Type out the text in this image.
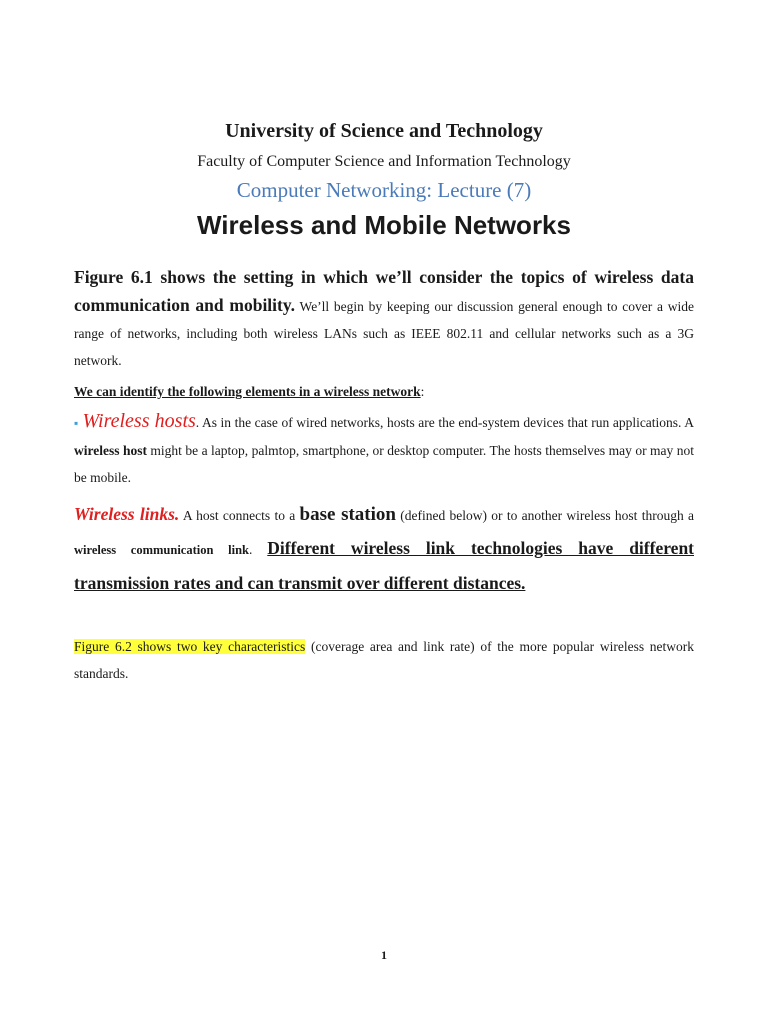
University of Science and Technology
Faculty of Computer Science and Information Technology
Computer Networking: Lecture (7)
Wireless and Mobile Networks
Figure 6.1 shows the setting in which we’ll consider the topics of wireless data communication and mobility. We’ll begin by keeping our discussion general enough to cover a wide range of networks, including both wireless LANs such as IEEE 802.11 and cellular networks such as a 3G network.
We can identify the following elements in a wireless network:
▪ Wireless hosts. As in the case of wired networks, hosts are the end-system devices that run applications. A wireless host might be a laptop, palmtop, smartphone, or desktop computer. The hosts themselves may or may not be mobile.
Wireless links. A host connects to a base station (defined below) or to another wireless host through a wireless communication link. Different wireless link technologies have different transmission rates and can transmit over different distances.
Figure 6.2 shows two key characteristics (coverage area and link rate) of the more popular wireless network standards.
1
